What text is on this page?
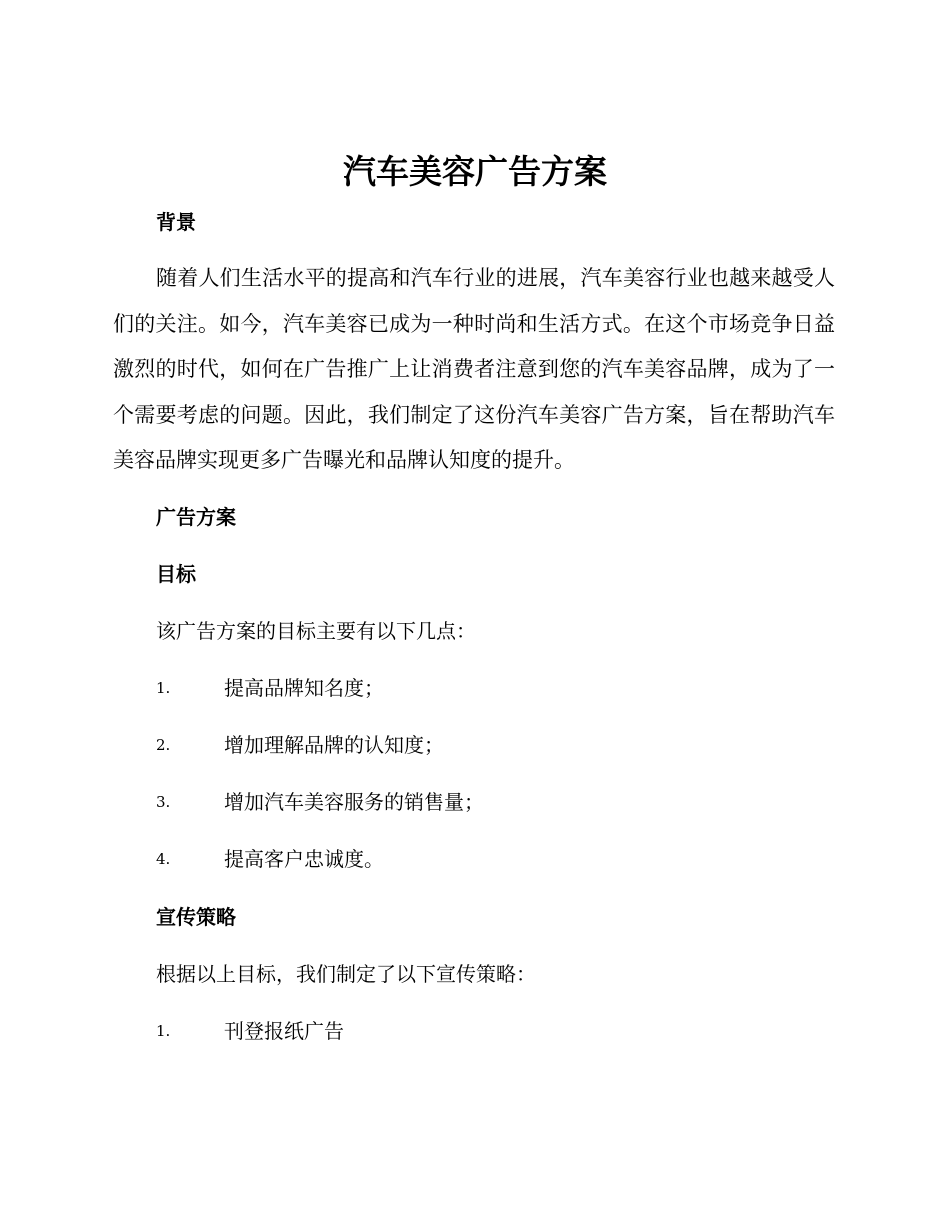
汽车美容广告方案
背景

随着人们生活水平的提高和汽车行业的进展，汽车美容行业也越来越受人们的关注。如今，汽车美容已成为一种时尚和生活方式。在这个市场竞争日益激烈的时代，如何在广告推广上让消费者注意到您的汽车美容品牌，成为了一个需要考虑的问题。因此，我们制定了这份汽车美容广告方案，旨在帮助汽车美容品牌实现更多广告曝光和品牌认知度的提升。

广告方案
目标

该广告方案的目标主要有以下几点：

1.	提高品牌知名度；
2.	增加理解品牌的认知度；
3.	增加汽车美容服务的销售量；
4.	提高客户忠诚度。
宣传策略

根据以上目标，我们制定了以下宣传策略：

1.	刊登报纸广告
